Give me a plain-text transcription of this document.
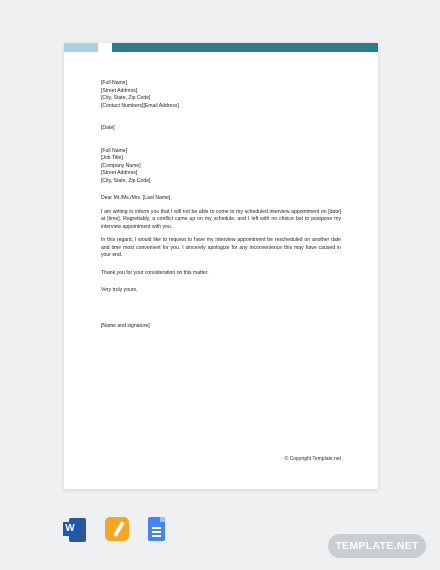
[Full Name]
[Street Address]
[City, State, Zip Code]
[Contact Numbers][Email Address]
[Date]
[Full Name]
[Job Title]
[Company Name]
[Street Address]
[City, State, Zip Code]
Dear Mr./Ms./Mrs. [Last Name],
I am writing to inform you that I will not be able to come to my scheduled interview appointment on [date] at [time]. Regrettably, a conflict came up on my schedule, and I left with no choice but to postpone my interview appointment with you.
In this regard, I would like to request to have my interview appointment be rescheduled on another date and time most convenient for you. I sincerely apologize for any inconvenience this may have caused in your end.
Thank you for your consideration on this matter.
Very truly yours,
[Name and signature]
© Copyright Template.net
W
TEMPLATE.NET
